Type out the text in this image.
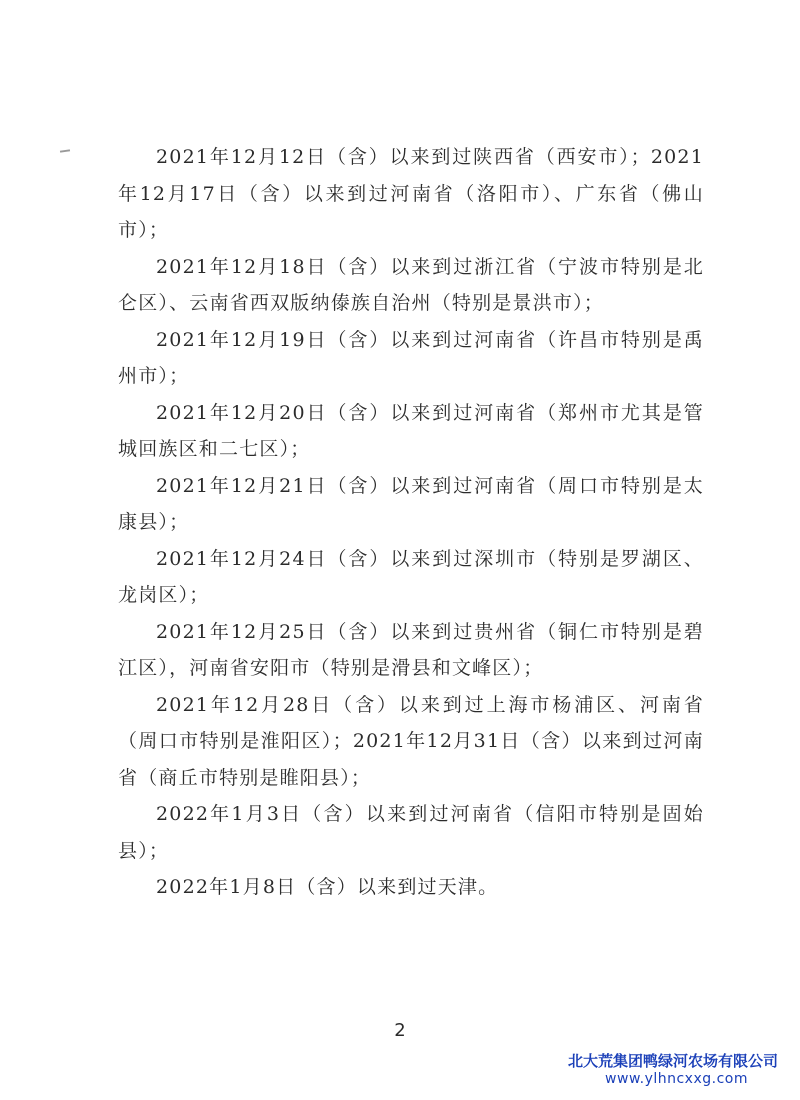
2021年12月12日（含）以来到过陕西省（西安市）；2021年12月17日（含）以来到过河南省（洛阳市）、广东省（佛山市）；

2021年12月18日（含）以来到过浙江省（宁波市特别是北仑区）、云南省西双版纳傣族自治州（特别是景洪市）；

2021年12月19日（含）以来到过河南省（许昌市特别是禹州市）；

2021年12月20日（含）以来到过河南省（郑州市尤其是管城回族区和二七区）；

2021年12月21日（含）以来到过河南省（周口市特别是太康县）；

2021年12月24日（含）以来到过深圳市（特别是罗湖区、龙岗区）；

2021年12月25日（含）以来到过贵州省（铜仁市特别是碧江区），河南省安阳市（特别是滑县和文峰区）；

2021年12月28日（含）以来到过上海市杨浦区、河南省（周口市特别是淮阳区）；2021年12月31日（含）以来到过河南省（商丘市特别是睢阳县）；

2022年1月3日（含）以来到过河南省（信阳市特别是固始县）；

2022年1月8日（含）以来到过天津。

2
北大荒集团鸭绿河农场有限公司
www.ylhncxxg.com
